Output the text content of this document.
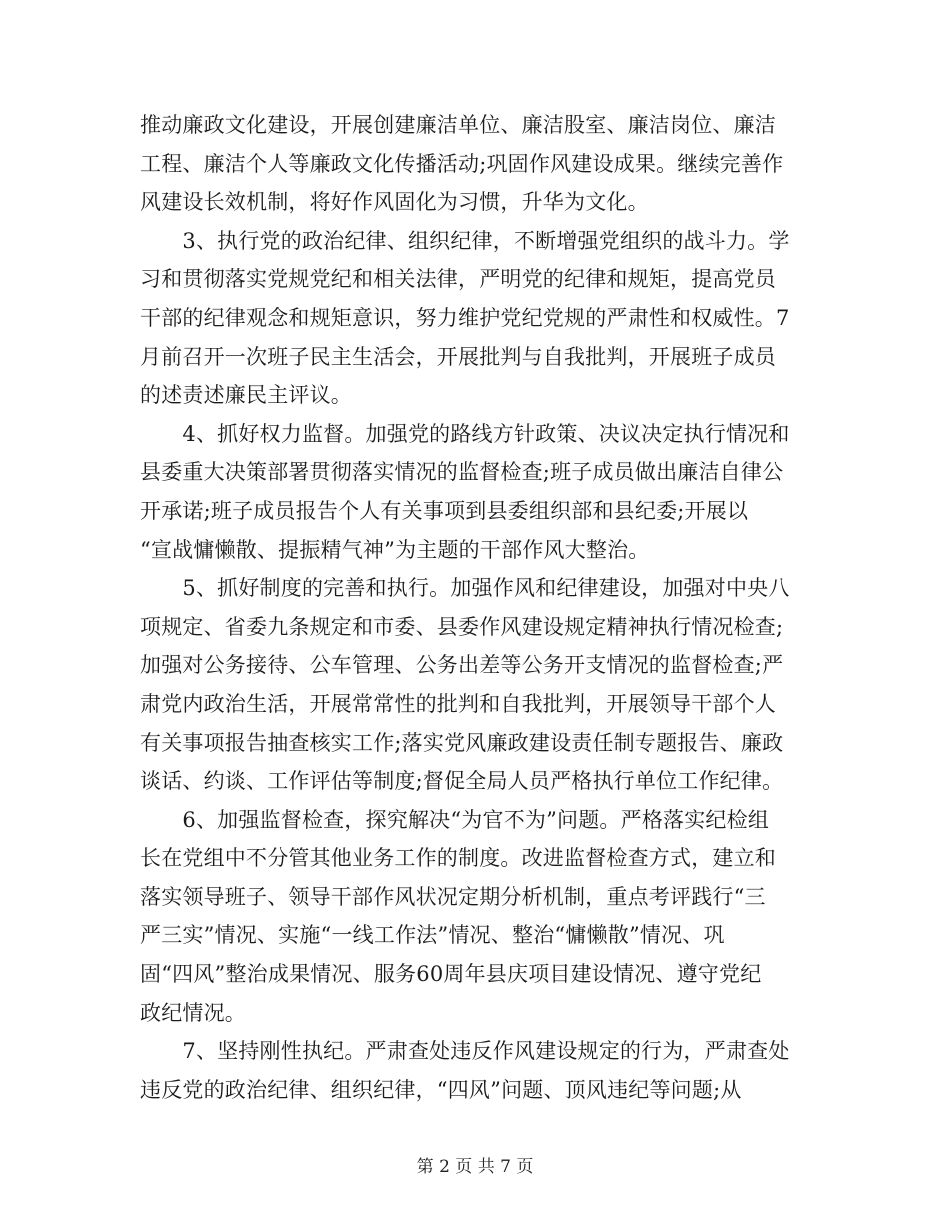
推动廉政文化建设，开展创建廉洁单位、廉洁股室、廉洁岗位、廉洁
工程、廉洁个人等廉政文化传播活动;巩固作风建设成果。继续完善作
风建设长效机制，将好作风固化为习惯，升华为文化。
　　3、执行党的政治纪律、组织纪律，不断增强党组织的战斗力。学
习和贯彻落实党规党纪和相关法律，严明党的纪律和规矩，提高党员
干部的纪律观念和规矩意识，努力维护党纪党规的严肃性和权威性。7
月前召开一次班子民主生活会，开展批判与自我批判，开展班子成员
的述责述廉民主评议。
　　4、抓好权力监督。加强党的路线方针政策、决议决定执行情况和
县委重大决策部署贯彻落实情况的监督检查;班子成员做出廉洁自律公
开承诺;班子成员报告个人有关事项到县委组织部和县纪委;开展以
“宣战慵懒散、提振精气神”为主题的干部作风大整治。
　　5、抓好制度的完善和执行。加强作风和纪律建设，加强对中央八
项规定、省委九条规定和市委、县委作风建设规定精神执行情况检查;
加强对公务接待、公车管理、公务出差等公务开支情况的监督检查;严
肃党内政治生活，开展常常性的批判和自我批判，开展领导干部个人
有关事项报告抽查核实工作;落实党风廉政建设责任制专题报告、廉政
谈话、约谈、工作评估等制度;督促全局人员严格执行单位工作纪律。
　　6、加强监督检查，探究解决“为官不为”问题。严格落实纪检组
长在党组中不分管其他业务工作的制度。改进监督检查方式，建立和
落实领导班子、领导干部作风状况定期分析机制，重点考评践行“三
严三实”情况、实施“一线工作法”情况、整治“慵懒散”情况、巩
固“四风”整治成果情况、服务60周年县庆项目建设情况、遵守党纪
政纪情况。
　　7、坚持刚性执纪。严肃查处违反作风建设规定的行为，严肃查处
违反党的政治纪律、组织纪律，“四风”问题、顶风违纪等问题;从
第 2 页 共 7 页
